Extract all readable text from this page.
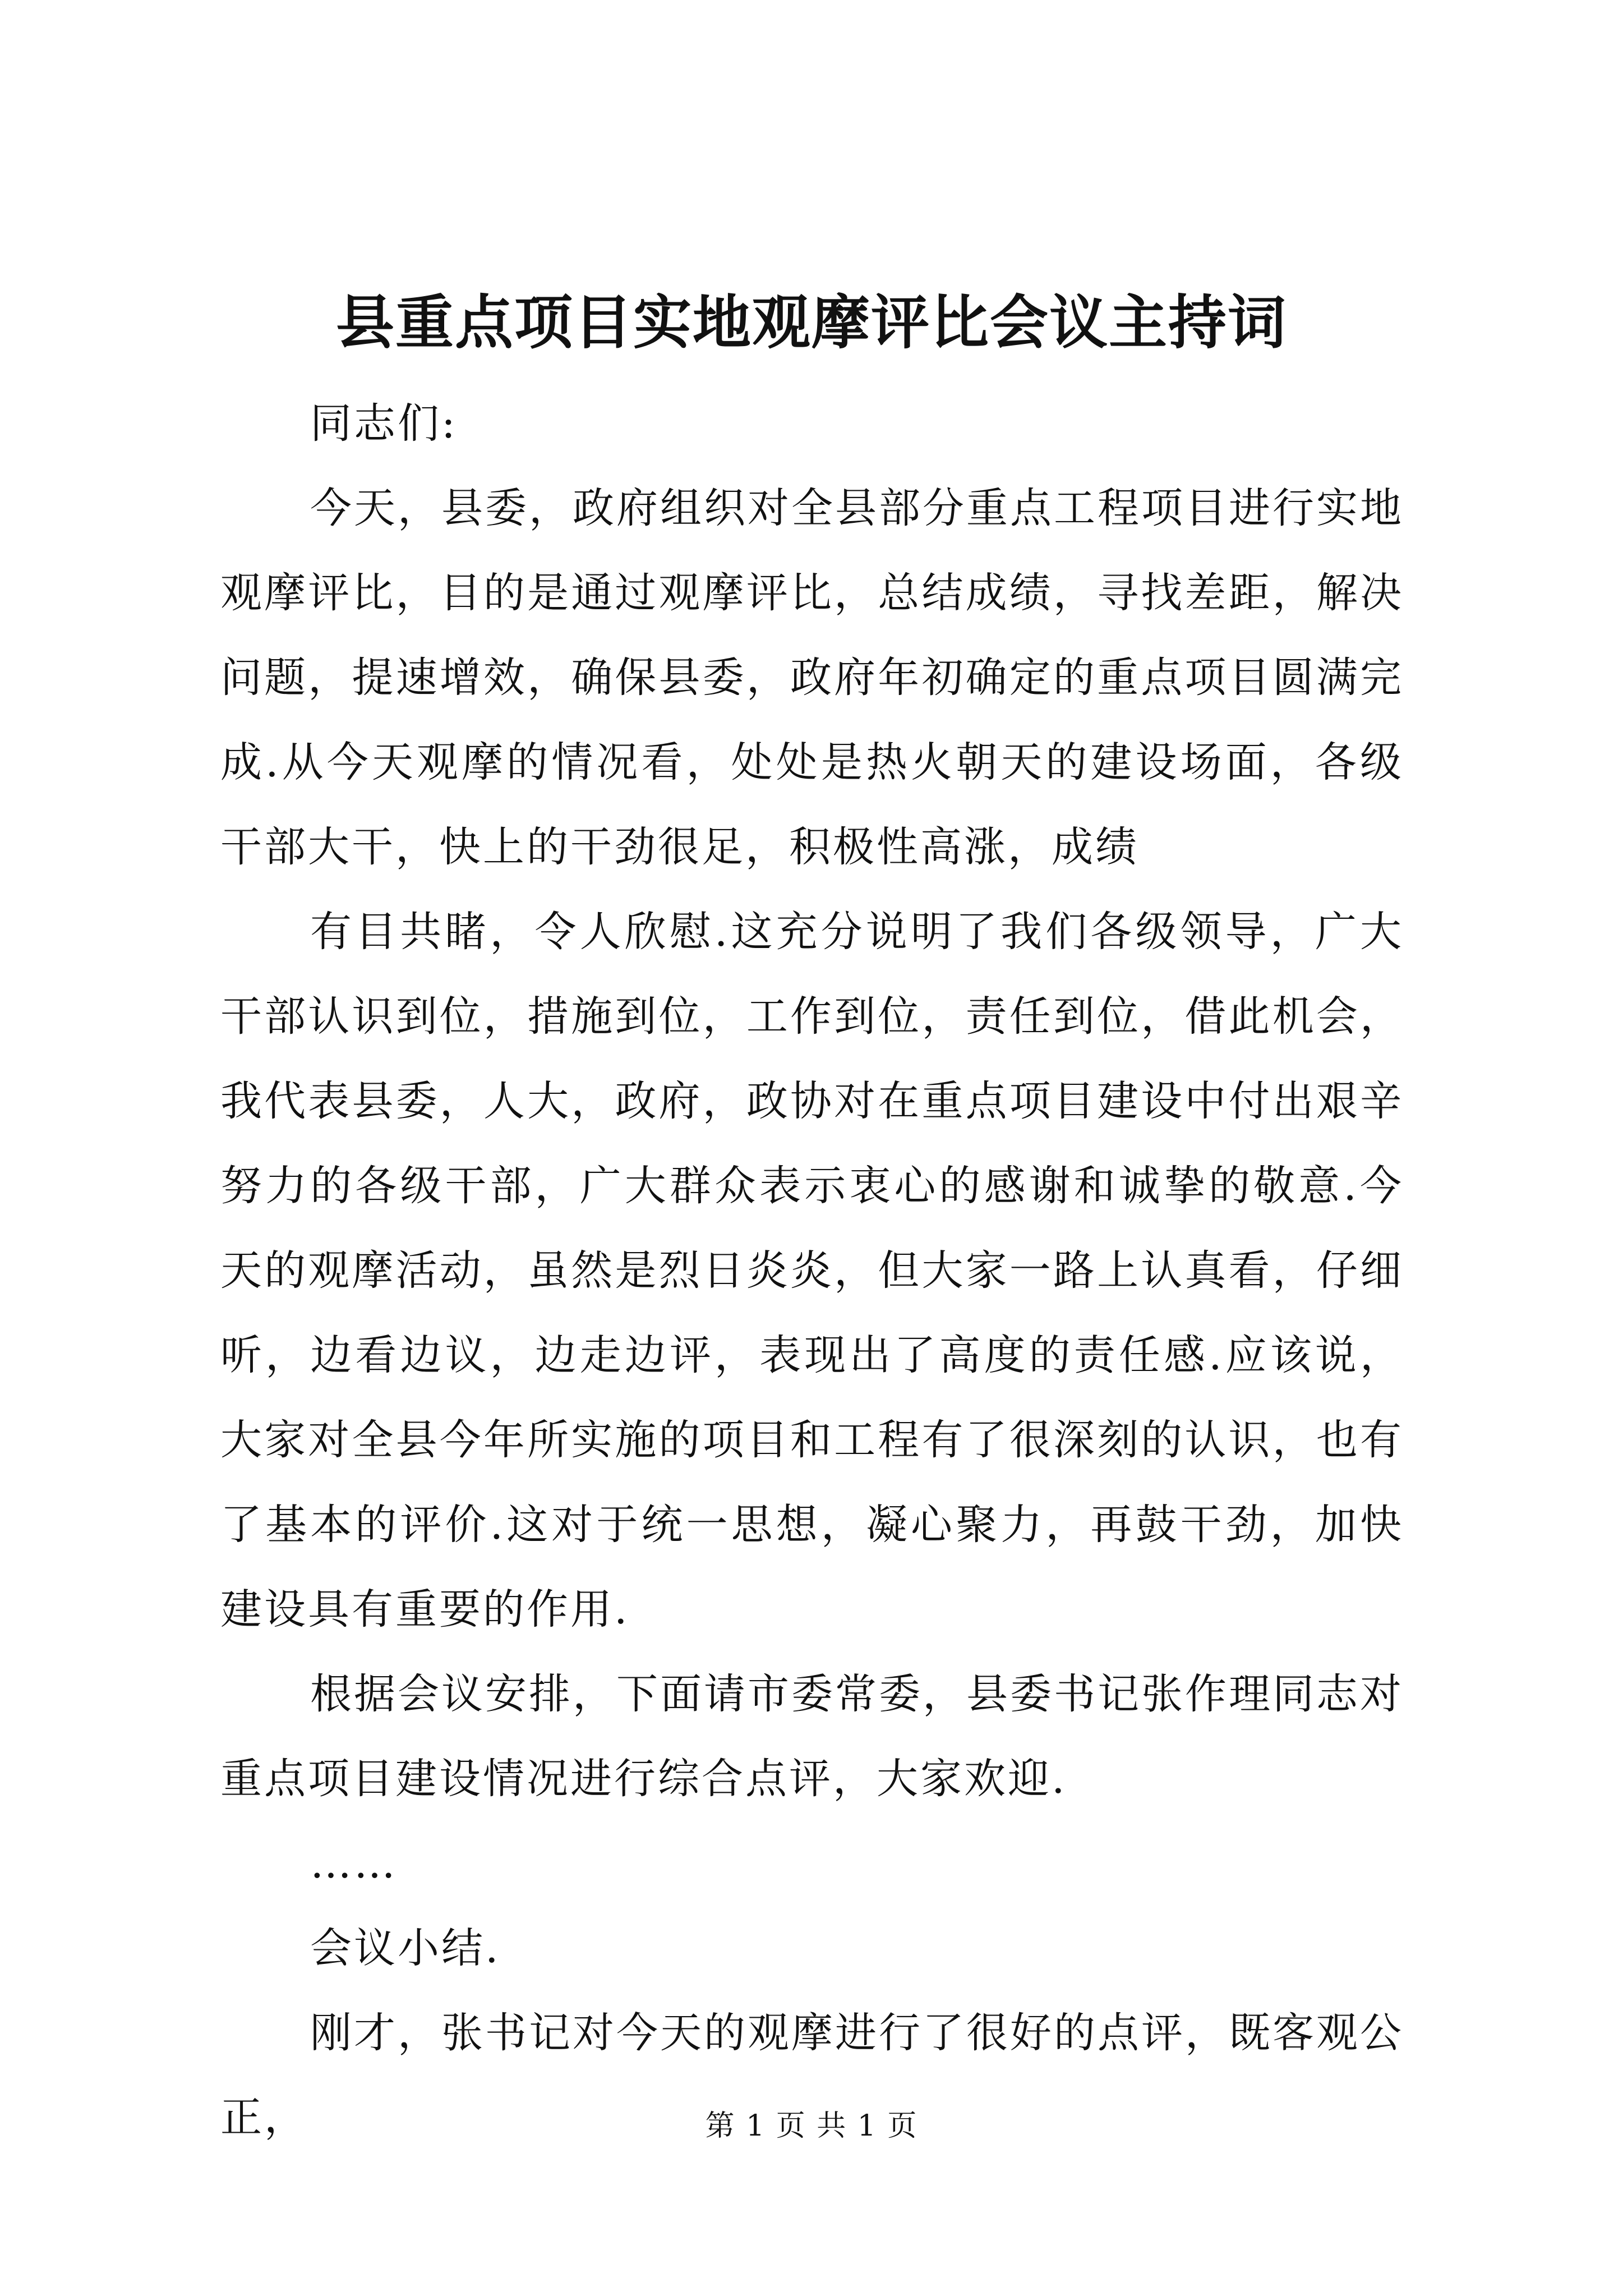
县重点项目实地观摩评比会议主持词

同志们:

今天，县委，政府组织对全县部分重点工程项目进行实地观摩评比，目的是通过观摩评比，总结成绩，寻找差距，解决问题，提速增效，确保县委，政府年初确定的重点项目圆满完成.从今天观摩的情况看，处处是热火朝天的建设场面，各级干部大干，快上的干劲很足，积极性高涨，成绩

有目共睹，令人欣慰.这充分说明了我们各级领导，广大干部认识到位，措施到位，工作到位，责任到位，借此机会，我代表县委，人大，政府，政协对在重点项目建设中付出艰辛努力的各级干部，广大群众表示衷心的感谢和诚挚的敬意.今天的观摩活动，虽然是烈日炎炎，但大家一路上认真看，仔细听，边看边议，边走边评，表现出了高度的责任感.应该说，大家对全县今年所实施的项目和工程有了很深刻的认识，也有了基本的评价.这对于统一思想，凝心聚力，再鼓干劲，加快建设具有重要的作用.

根据会议安排，下面请市委常委，县委书记张作理同志对重点项目建设情况进行综合点评，大家欢迎.

……

会议小结.

刚才，张书记对今天的观摩进行了很好的点评，既客观公正，	第 1 页 共 1 页
